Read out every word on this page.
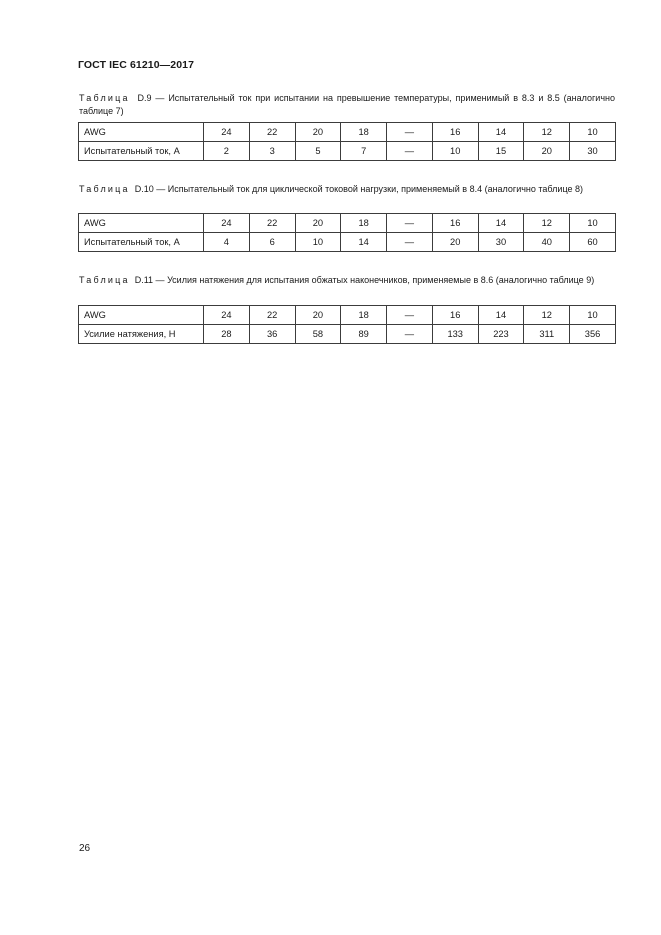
ГОСТ IEC 61210—2017
Таблица D.9 — Испытательный ток при испытании на превышение температуры, применимый в 8.3 и 8.5 (аналогично таблице 7)
AWG	24	22	20	18	—	16	14	12	10
Испытательный ток, А	2	3	5	7	—	10	15	20	30
Таблица D.10 — Испытательный ток для циклической токовой нагрузки, применяемый в 8.4 (аналогично таблице 8)
AWG	24	22	20	18	—	16	14	12	10
Испытательный ток, А	4	6	10	14	—	20	30	40	60
Таблица D.11 — Усилия натяжения для испытания обжатых наконечников, применяемые в 8.6 (аналогично таблице 9)
AWG	24	22	20	18	—	16	14	12	10
Усилие натяжения, Н	28	36	58	89	—	133	223	311	356
26
